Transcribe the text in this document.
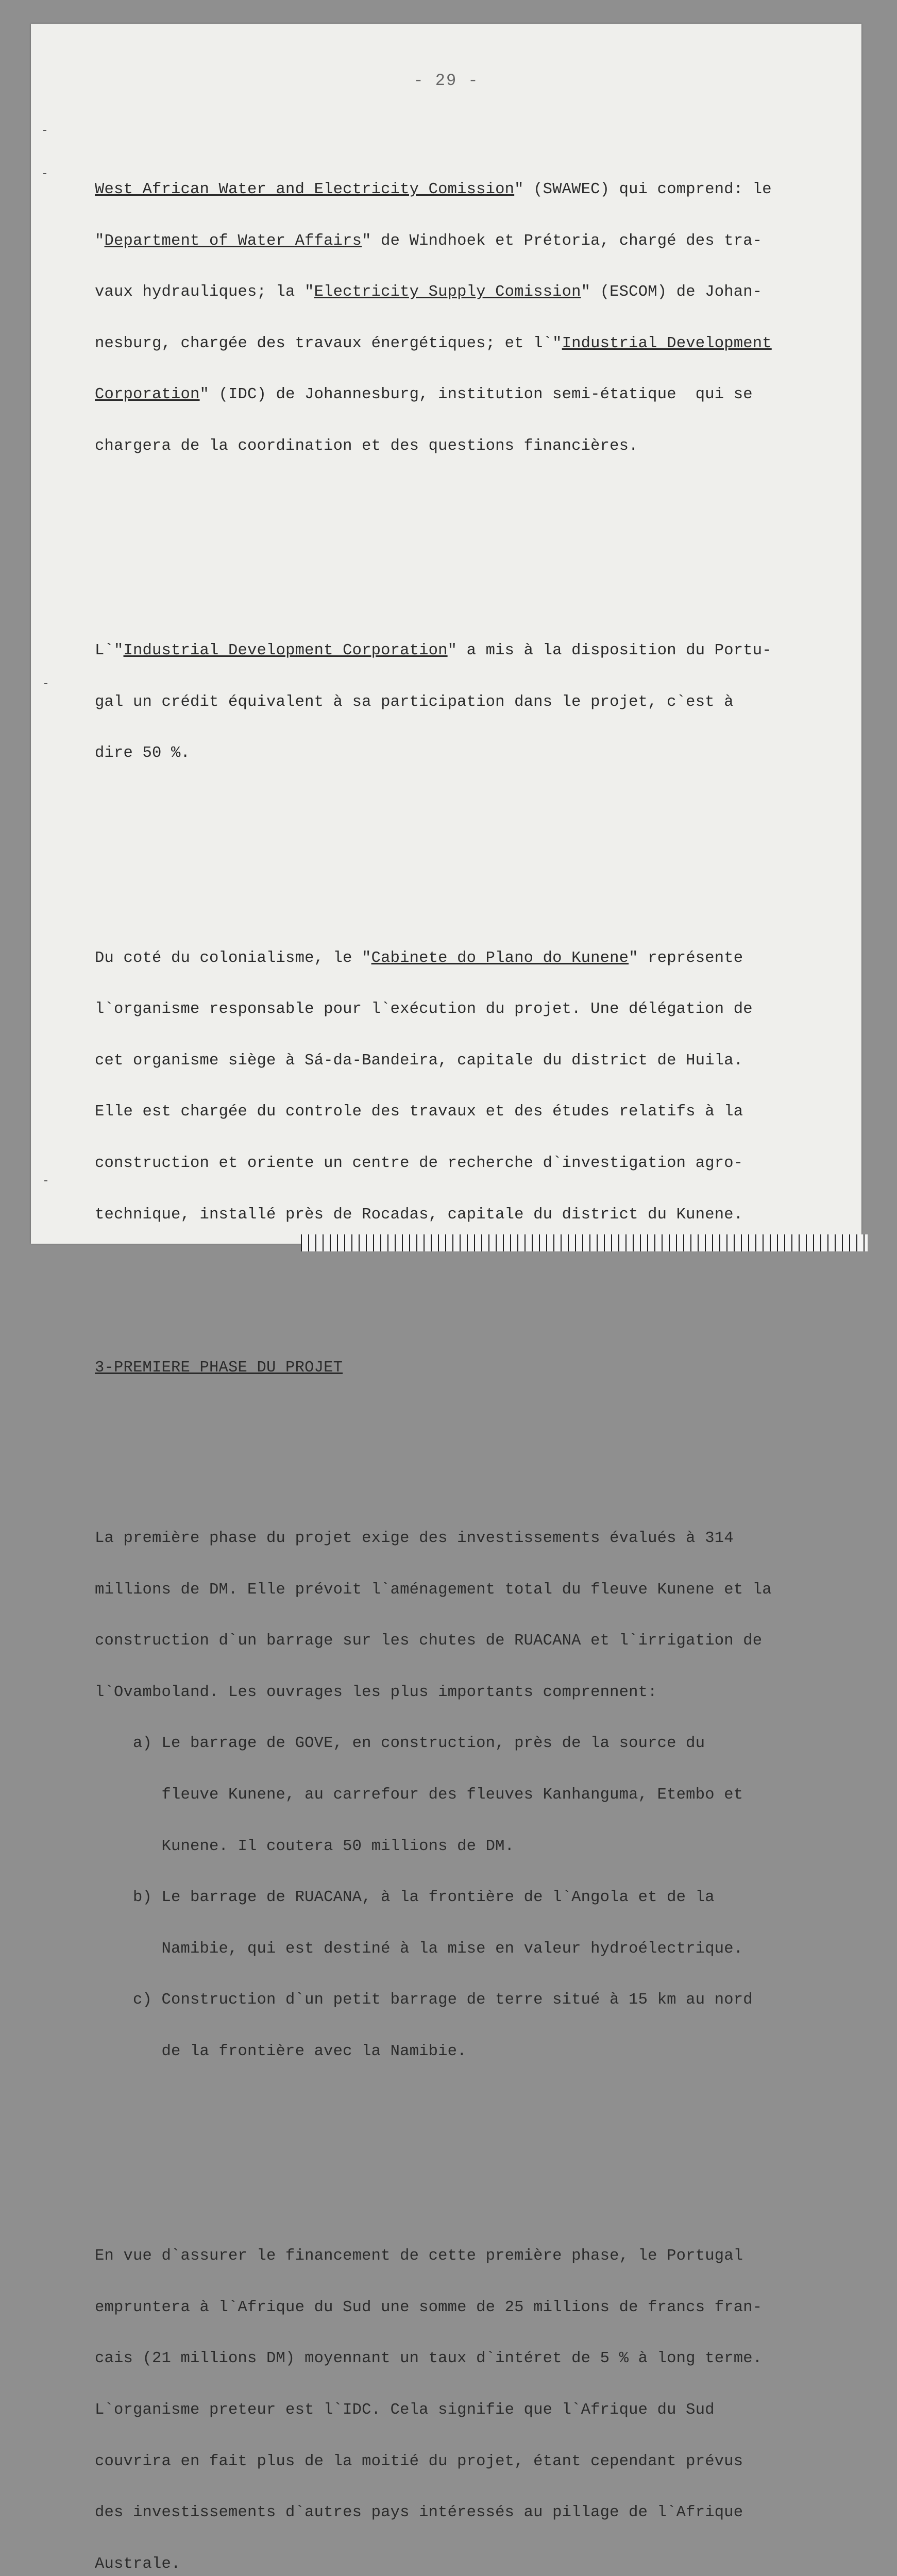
- 29 -

West African Water and Electricity Comission" (SWAWEC) qui comprend: le

"Department of Water Affairs" de Windhoek et Prétoria, chargé des tra-

vaux hydrauliques; la "Electricity Supply Comission" (ESCOM) de Johan-

nesburg, chargée des travaux énergétiques; et l`"Industrial Development

Corporation" (IDC) de Johannesburg, institution semi-étatique  qui se

chargera de la coordination et des questions financières.

L`"Industrial Development Corporation" a mis à la disposition du Portu-

gal un crédit équivalent à sa participation dans le projet, c`est à

dire 50 %.

Du coté du colonialisme, le "Cabinete do Plano do Kunene" représente

l`organisme responsable pour l`exécution du projet. Une délégation de

cet organisme siège à Sá-da-Bandeira, capitale du district de Huila.

Elle est chargée du controle des travaux et des études relatifs à la

construction et oriente un centre de recherche d`investigation agro-

technique, installé près de Rocadas, capitale du district du Kunene.

3-PREMIERE PHASE DU PROJET

La première phase du projet exige des investissements évalués à 314

millions de DM. Elle prévoit l`aménagement total du fleuve Kunene et la

construction d`un barrage sur les chutes de RUACANA et l`irrigation de

l`Ovamboland. Les ouvrages les plus importants comprennent:

a) Le barrage de GOVE, en construction, près de la source du

fleuve Kunene, au carrefour des fleuves Kanhanguma, Etembo et

Kunene. Il coutera 50 millions de DM.

b) Le barrage de RUACANA, à la frontière de l`Angola et de la

Namibie, qui est destiné à la mise en valeur hydroélectrique.

c) Construction d`un petit barrage de terre situé à 15 km au nord

de la frontière avec la Namibie.

En vue d`assurer le financement de cette première phase, le Portugal

empruntera à l`Afrique du Sud une somme de 25 millions de francs fran-

cais (21 millions DM) moyennant un taux d`intéret de 5 % à long terme.

L`organisme preteur est l`IDC. Cela signifie que l`Afrique du Sud

couvrira en fait plus de la moitié du projet, étant cependant prévus

des investissements d`autres pays intéressés au pillage de l`Afrique

Australe.
